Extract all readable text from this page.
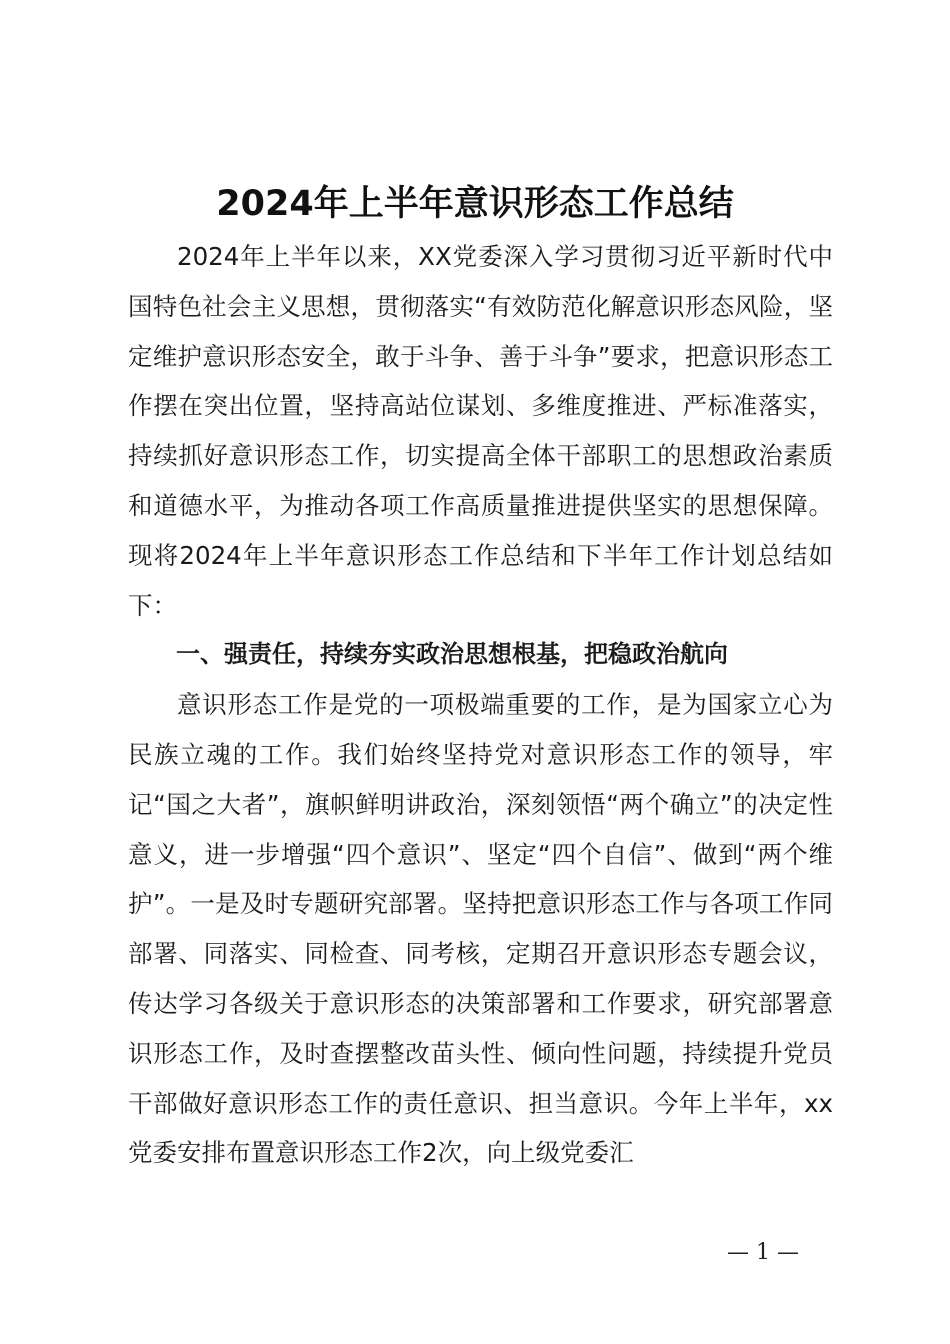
2024年上半年意识形态工作总结

2024年上半年以来，XX党委深入学习贯彻习近平新时代中国特色社会主义思想，贯彻落实“有效防范化解意识形态风险，坚定维护意识形态安全，敢于斗争、善于斗争”要求，把意识形态工作摆在突出位置，坚持高站位谋划、多维度推进、严标准落实，持续抓好意识形态工作，切实提高全体干部职工的思想政治素质和道德水平，为推动各项工作高质量推进提供坚实的思想保障。现将2024年上半年意识形态工作总结和下半年工作计划总结如下：

一、强责任，持续夯实政治思想根基，把稳政治航向

意识形态工作是党的一项极端重要的工作，是为国家立心为民族立魂的工作。我们始终坚持党对意识形态工作的领导，牢记“国之大者”，旗帜鲜明讲政治，深刻领悟“两个确立”的决定性意义，进一步增强“四个意识”、坚定“四个自信”、做到“两个维护”。一是及时专题研究部署。坚持把意识形态工作与各项工作同部署、同落实、同检查、同考核，定期召开意识形态专题会议，传达学习各级关于意识形态的决策部署和工作要求，研究部署意识形态工作，及时查摆整改苗头性、倾向性问题，持续提升党员干部做好意识形态工作的责任意识、担当意识。今年上半年，xx党委安排布置意识形态工作2次，向上级党委汇

— 1 —
